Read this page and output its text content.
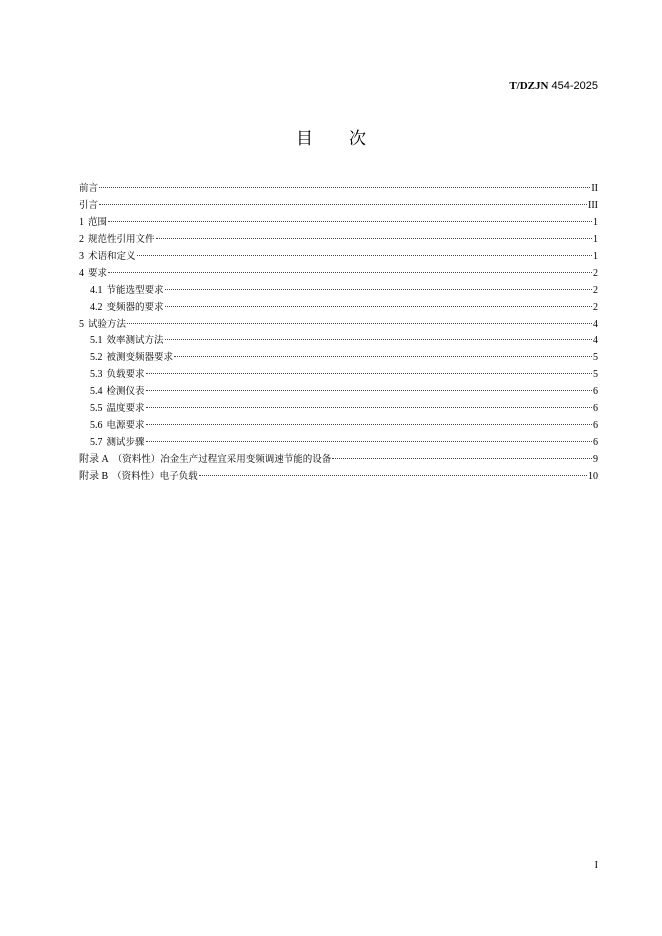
T/DZJN 454-2025
目次
前言	II
引言	III
1 范围	1
2 规范性引用文件	1
3 术语和定义	1
4 要求	2
4.1 节能选型要求	2
4.2 变频器的要求	2
5 试验方法	4
5.1 效率测试方法	4
5.2 被测变频器要求	5
5.3 负载要求	5
5.4 检测仪表	6
5.5 温度要求	6
5.6 电源要求	6
5.7 测试步骤	6
附录 A （资料性）冶金生产过程宜采用变频调速节能的设备	9
附录 B （资料性）电子负载	10
I
